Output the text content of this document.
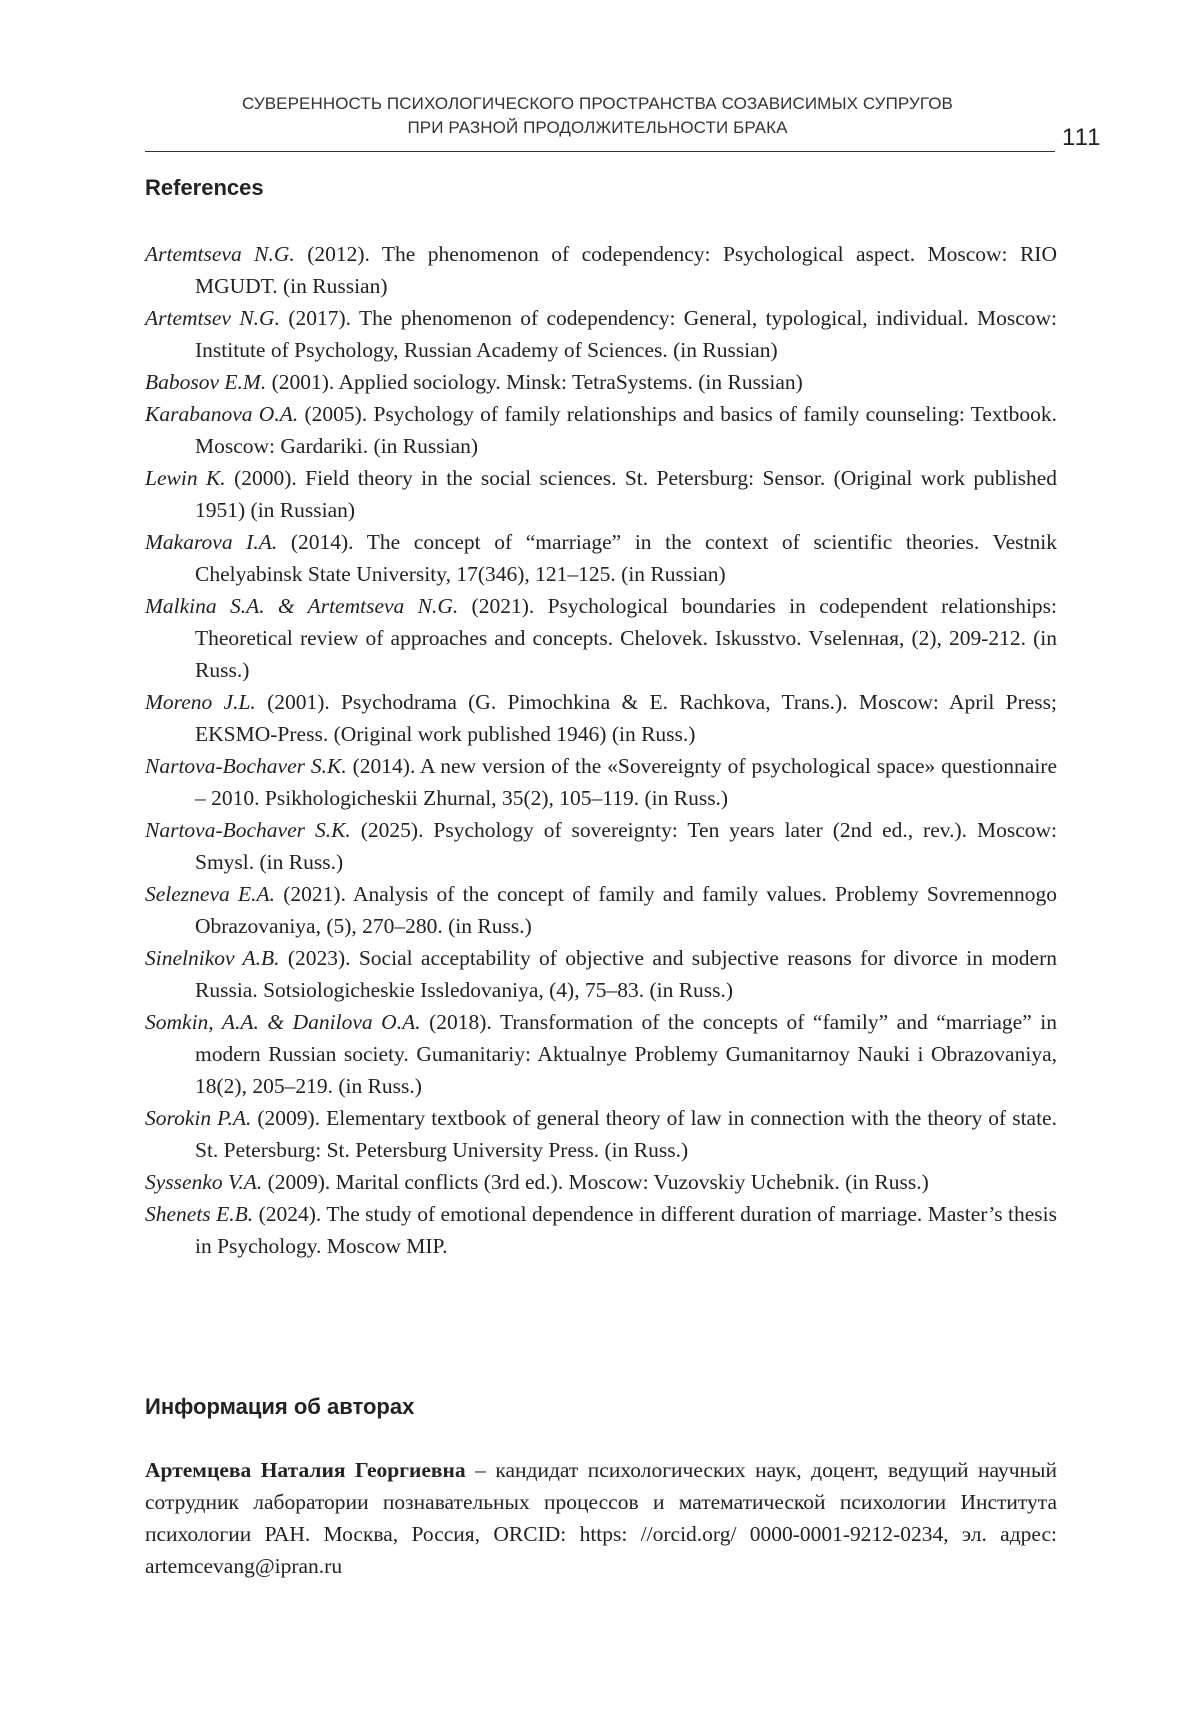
СУВЕРЕННОСТЬ ПСИХОЛОГИЧЕСКОГО ПРОСТРАНСТВА СОЗАВИСИМЫХ СУПРУГОВ
ПРИ РАЗНОЙ ПРОДОЛЖИТЕЛЬНОСТИ БРАКА	111
References
Artemtseva N.G. (2012). The phenomenon of codependency: Psychological aspect. Moscow: RIO MGUDT. (in Russian)
Artemtsev N.G. (2017). The phenomenon of codependency: General, typological, individual. Moscow: Institute of Psychology, Russian Academy of Sciences. (in Russian)
Babosov E.M. (2001). Applied sociology. Minsk: TetraSystems. (in Russian)
Karabanova O.A. (2005). Psychology of family relationships and basics of family counseling: Textbook. Moscow: Gardariki. (in Russian)
Lewin K. (2000). Field theory in the social sciences. St. Petersburg: Sensor. (Original work published 1951) (in Russian)
Makarova I.A. (2014). The concept of “marriage” in the context of scientific theories. Vestnik Chelyabinsk State University, 17(346), 121–125. (in Russian)
Malkina S.A. & Artemtseva N.G. (2021). Psychological boundaries in codependent relationships: Theoretical review of approaches and concepts. Chelovek. Iskusstvo. Vselenная, (2), 209-212. (in Russ.)
Moreno J.L. (2001). Psychodrama (G. Pimochkina & E. Rachkova, Trans.). Moscow: April Press; EKSMO-Press. (Original work published 1946) (in Russ.)
Nartova-Bochaver S.K. (2014). A new version of the «Sovereignty of psychological space» questionnaire – 2010. Psikhologicheskii Zhurnal, 35(2), 105–119. (in Russ.)
Nartova-Bochaver S.K. (2025). Psychology of sovereignty: Ten years later (2nd ed., rev.). Moscow: Smysl. (in Russ.)
Selezneva E.A. (2021). Analysis of the concept of family and family values. Problemy Sovremennogo Obrazovaniya, (5), 270–280. (in Russ.)
Sinelnikov A.B. (2023). Social acceptability of objective and subjective reasons for divorce in modern Russia. Sotsiologicheskie Issledovaniya, (4), 75–83. (in Russ.)
Somkin, A.A. & Danilova O.A. (2018). Transformation of the concepts of “family” and “marriage” in modern Russian society. Gumanitariy: Aktualnye Problemy Gumanitarnoy Nauki i Obrazovaniya, 18(2), 205–219. (in Russ.)
Sorokin P.A. (2009). Elementary textbook of general theory of law in connection with the theory of state. St. Petersburg: St. Petersburg University Press. (in Russ.)
Syssenko V.A. (2009). Marital conflicts (3rd ed.). Moscow: Vuzovskiy Uchebnik. (in Russ.)
Shenets E.B. (2024). The study of emotional dependence in different duration of marriage. Master’s thesis in Psychology. Moscow MIP.
Информация об авторах
Артемцева Наталия Георгиевна – кандидат психологических наук, доцент, ведущий научный сотрудник лаборатории познавательных процессов и математической психологии Института психологии РАН. Москва, Россия, ORCID: https: //orcid.org/ 0000-0001-9212-0234, эл. адрес: artemcevang@ipran.ru
